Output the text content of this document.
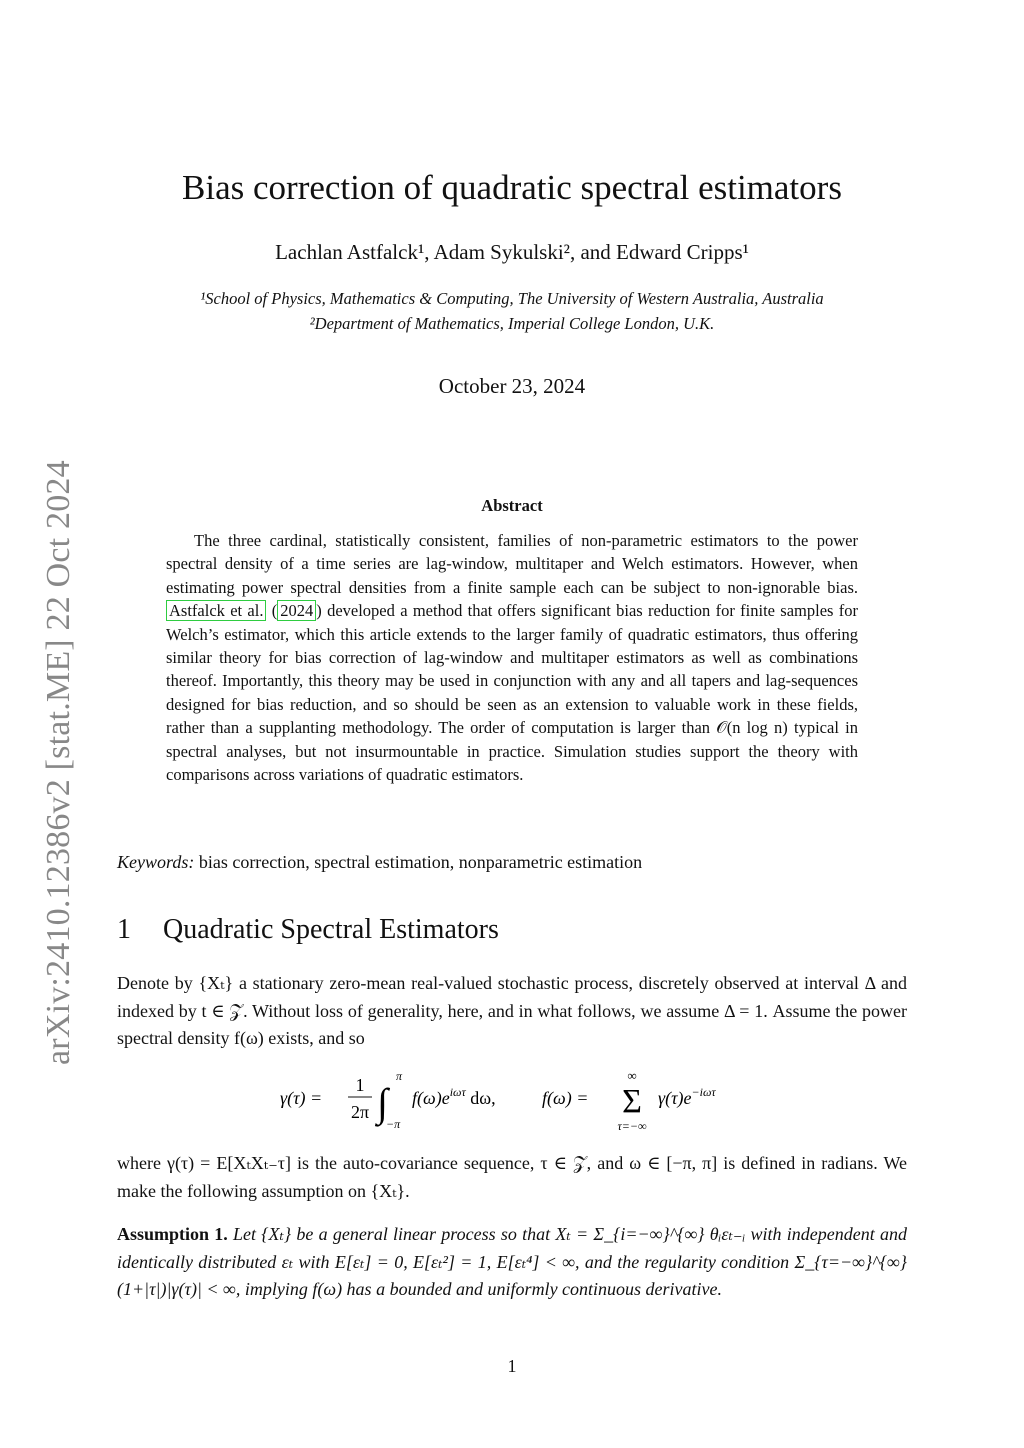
Bias correction of quadratic spectral estimators
Lachlan Astfalck¹, Adam Sykulski², and Edward Cripps¹
¹School of Physics, Mathematics & Computing, The University of Western Australia, Australia
²Department of Mathematics, Imperial College London, U.K.
October 23, 2024
arXiv:2410.12386v2 [stat.ME] 22 Oct 2024	Abstract
The three cardinal, statistically consistent, families of non-parametric estimators to the power spectral density of a time series are lag-window, multitaper and Welch estimators. However, when estimating power spectral densities from a finite sample each can be subject to non-ignorable bias. Astfalck et al. ( 2024 ) developed a method that offers significant bias reduction for finite samples for Welch’s estimator, which this article extends to the larger family of quadratic estimators, thus offering similar theory for bias correction of lag-window and multitaper estimators as well as combinations thereof. Importantly, this theory may be used in conjunction with any and all tapers and lag-sequences designed for bias reduction, and so should be seen as an extension to valuable work in these fields, rather than a supplanting methodology. The order of computation is larger than 𝒪(n log n) typical in spectral analyses, but not insurmountable in practice. Simulation studies support the theory with comparisons across variations of quadratic estimators.
Keywords: bias correction, spectral estimation, nonparametric estimation
1 Quadratic Spectral Estimators
Denote by {Xₜ} a stationary zero-mean real-valued stochastic process, discretely observed at interval Δ and indexed by t ∈ 𝒵. Without loss of generality, here, and in what follows, we assume Δ = 1. Assume the power spectral density f(ω) exists, and so
γ(τ) =
1
2π ∫
π
−π
$f(\omega)e^{i\omega\tau}$ dω,	f(ω) =
∞
Σ
τ=−∞
$\gamma(\tau)e^{-i\omega\tau}$
where γ(τ) = E[XₜXₜ₋τ] is the auto-covariance sequence, τ ∈ 𝒵, and ω ∈ [−π, π] is defined in radians. We make the following assumption on {Xₜ}.
Assumption 1. Let {Xₜ} be a general linear process so that Xₜ = Σ_{i=−∞}^{∞} θᵢεₜ₋ᵢ with independent and identically distributed εₜ with E[εₜ] = 0, E[εₜ²] = 1, E[εₜ⁴] < ∞, and the regularity condition Σ_{τ=−∞}^{∞} (1+|τ|)|γ(τ)| < ∞, implying f(ω) has a bounded and uniformly continuous derivative.
1
